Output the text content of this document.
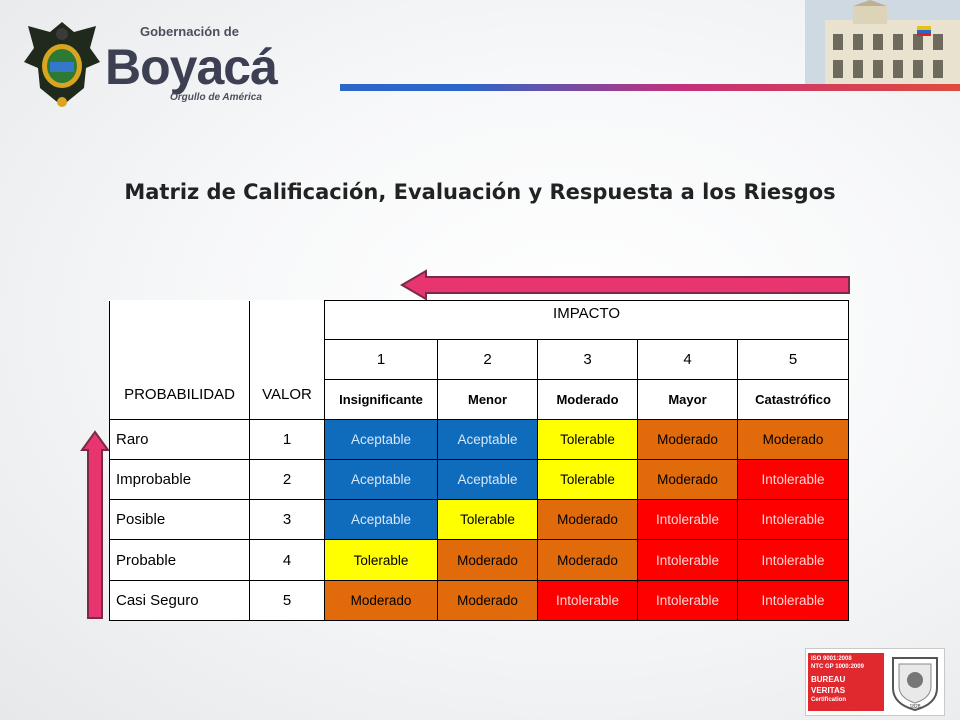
Gobernación de
Boyacá
Orgullo de América
Matriz de Calificación, Evaluación y Respuesta a los Riesgos
		IMPACTO				
PROBABILIDAD	VALOR	1	2	3	4	5
		Insignificante	Menor	Moderado	Mayor	Catastrófico
Raro	1	Aceptable	Aceptable	Tolerable	Moderado	Moderado
Improbable	2	Aceptable	Aceptable	Tolerable	Moderado	Intolerable
Posible	3	Aceptable	Tolerable	Moderado	Intolerable	Intolerable
Probable	4	Tolerable	Moderado	Moderado	Intolerable	Intolerable
Casi Seguro	5	Moderado	Moderado	Intolerable	Intolerable	Intolerable
ISO 9001:2008
NTC GP 1000:2009
BUREAU VERITAS
Certification
N CO234305 / AGP0148
1828
